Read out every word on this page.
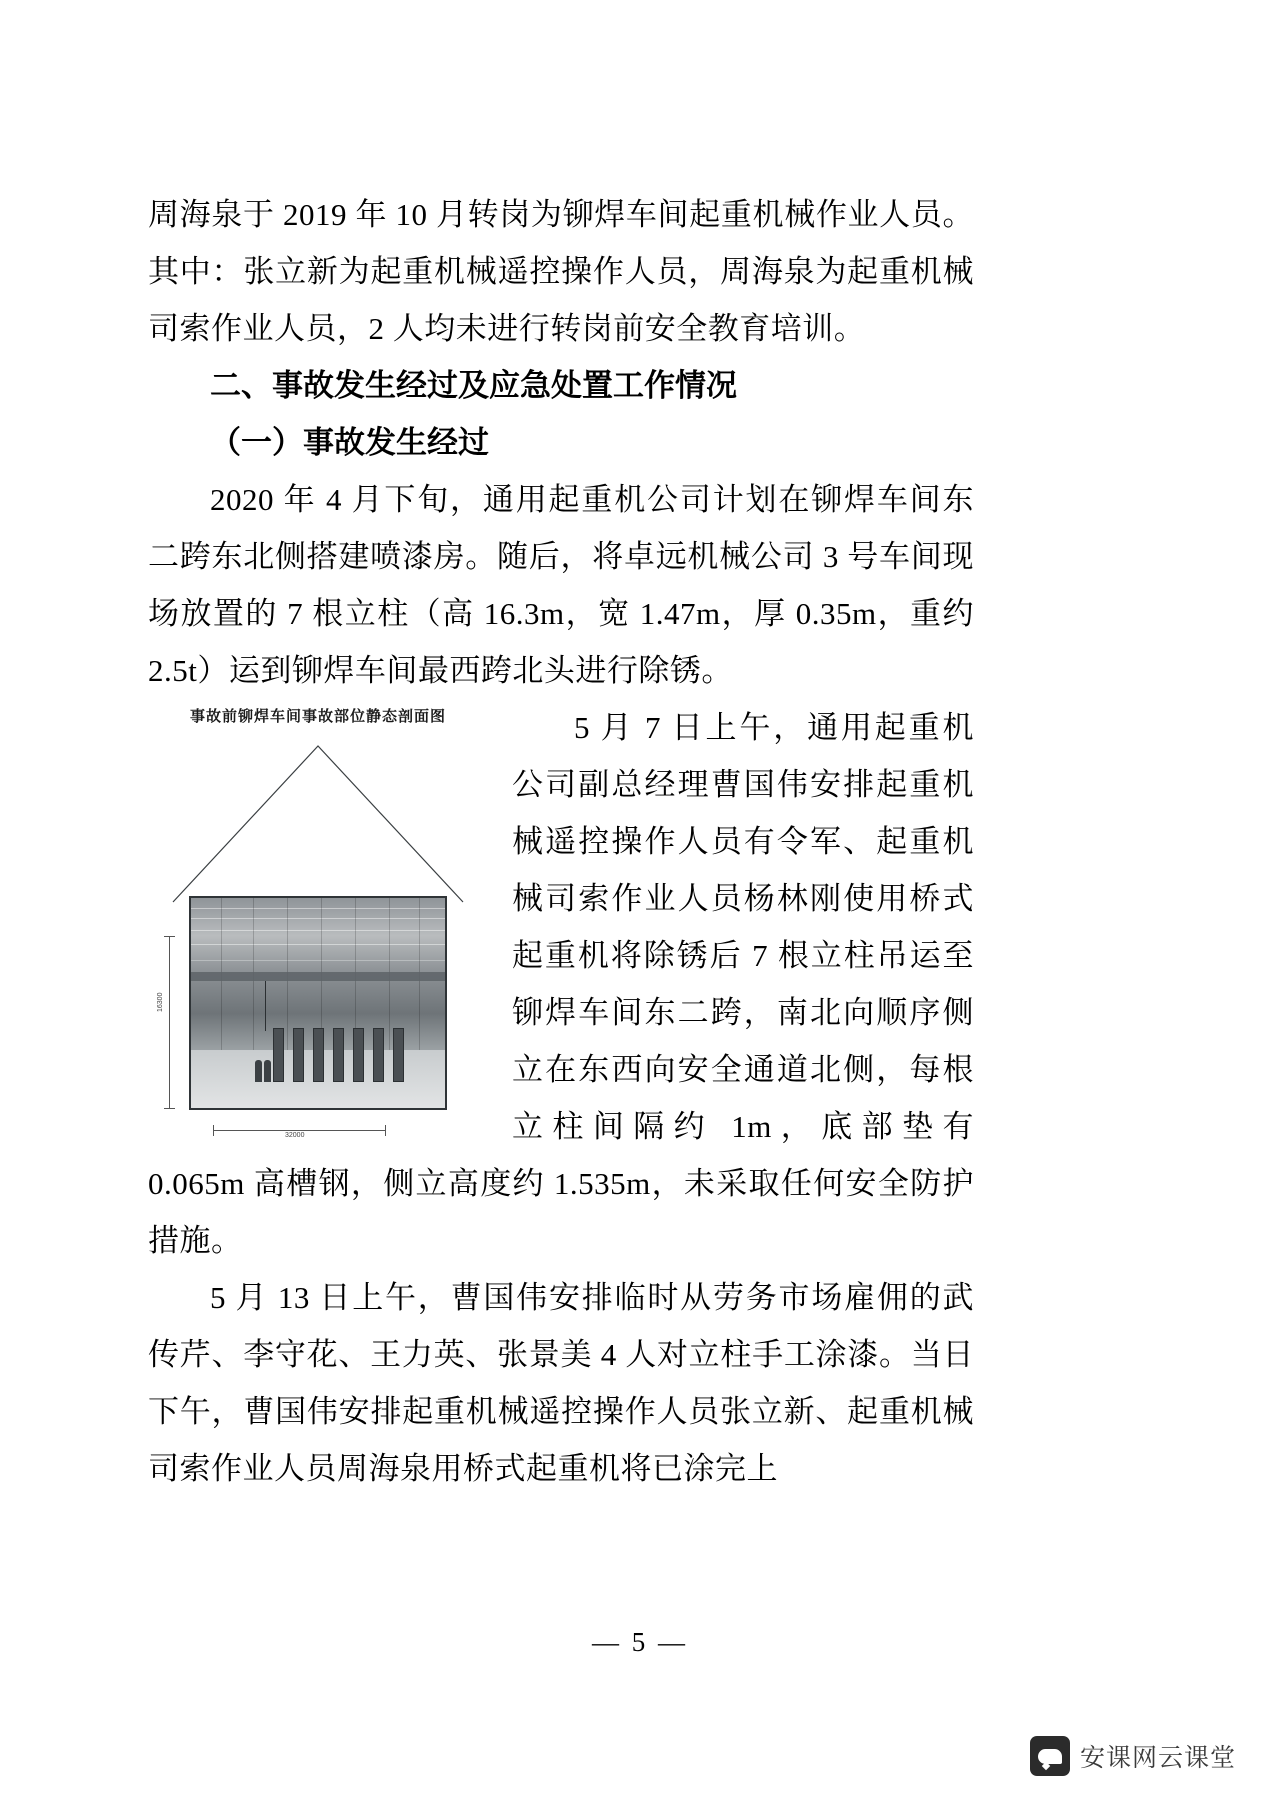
周海泉于 2019 年 10 月转岗为铆焊车间起重机械作业人员。其中：张立新为起重机械遥控操作人员，周海泉为起重机械司索作业人员，2 人均未进行转岗前安全教育培训。

二、事故发生经过及应急处置工作情况

（一）事故发生经过

2020 年 4 月下旬，通用起重机公司计划在铆焊车间东二跨东北侧搭建喷漆房。随后，将卓远机械公司 3 号车间现场放置的 7 根立柱（高 16.3m，宽 1.47m，厚 0.35m，重约 2.5t）运到铆焊车间最西跨北头进行除锈。

事故前铆焊车间事故部位静态剖面图
16300
32000

5 月 7 日上午，通用起重机公司副总经理曹国伟安排起重机械遥控操作人员有令军、起重机械司索作业人员杨林刚使用桥式起重机将除锈后 7 根立柱吊运至铆焊车间东二跨，南北向顺序侧立在东西向安全通道北侧，每根立柱间隔约 1m，底部垫有 0.065m 高槽钢，侧立高度约 1.535m，未采取任何安全防护措施。

5 月 13 日上午，曹国伟安排临时从劳务市场雇佣的武传芹、李守花、王力英、张景美 4 人对立柱手工涂漆。当日下午，曹国伟安排起重机械遥控操作人员张立新、起重机械司索作业人员周海泉用桥式起重机将已涂完上

— 5 —
安课网云课堂
